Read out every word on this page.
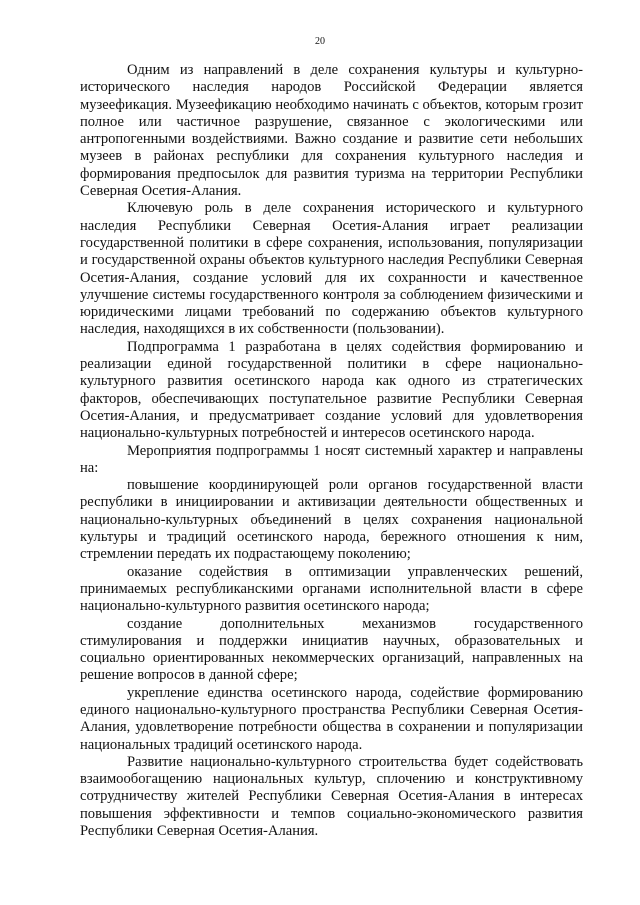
20

Одним из направлений в деле сохранения культуры и культурно-исторического наследия народов Российской Федерации является музеефикация. Музеефикацию необходимо начинать с объектов, которым грозит полное или частичное разрушение, связанное с экологическими или антропогенными воздействиями. Важно создание и развитие сети небольших музеев в районах республики для сохранения культурного наследия и формирования предпосылок для развития туризма на территории Республики Северная Осетия-Алания.

Ключевую роль в деле сохранения исторического и культурного наследия Республики Северная Осетия-Алания играет реализации государственной политики в сфере сохранения, использования, популяризации и государственной охраны объектов культурного наследия Республики Северная Осетия-Алания, создание условий для их сохранности и качественное улучшение системы государственного контроля за соблюдением физическими и юридическими лицами требований по содержанию объектов культурного наследия, находящихся в их собственности (пользовании).

Подпрограмма 1 разработана в целях содействия формированию и реализации единой государственной политики в сфере национально-культурного развития осетинского народа как одного из стратегических факторов, обеспечивающих поступательное развитие Республики Северная Осетия-Алания, и предусматривает создание условий для удовлетворения национально-культурных потребностей и интересов осетинского народа.

Мероприятия подпрограммы 1 носят системный характер и направлены на:

повышение координирующей роли органов государственной власти республики в инициировании и активизации деятельности общественных и национально-культурных объединений в целях сохранения национальной культуры и традиций осетинского народа, бережного отношения к ним, стремлении передать их подрастающему поколению;

оказание содействия в оптимизации управленческих решений, принимаемых республиканскими органами исполнительной власти в сфере национально-культурного развития осетинского народа;

создание дополнительных механизмов государственного стимулирования и поддержки инициатив научных, образовательных и социально ориентированных некоммерческих организаций, направленных на решение вопросов в данной сфере;

укрепление единства осетинского народа, содействие формированию единого национально-культурного пространства Республики Северная Осетия-Алания, удовлетворение потребности общества в сохранении и популяризации национальных традиций осетинского народа.

Развитие национально-культурного строительства будет содействовать взаимообогащению национальных культур, сплочению и конструктивному сотрудничеству жителей Республики Северная Осетия-Алания в интересах повышения эффективности и темпов социально-экономического развития Республики Северная Осетия-Алания.
